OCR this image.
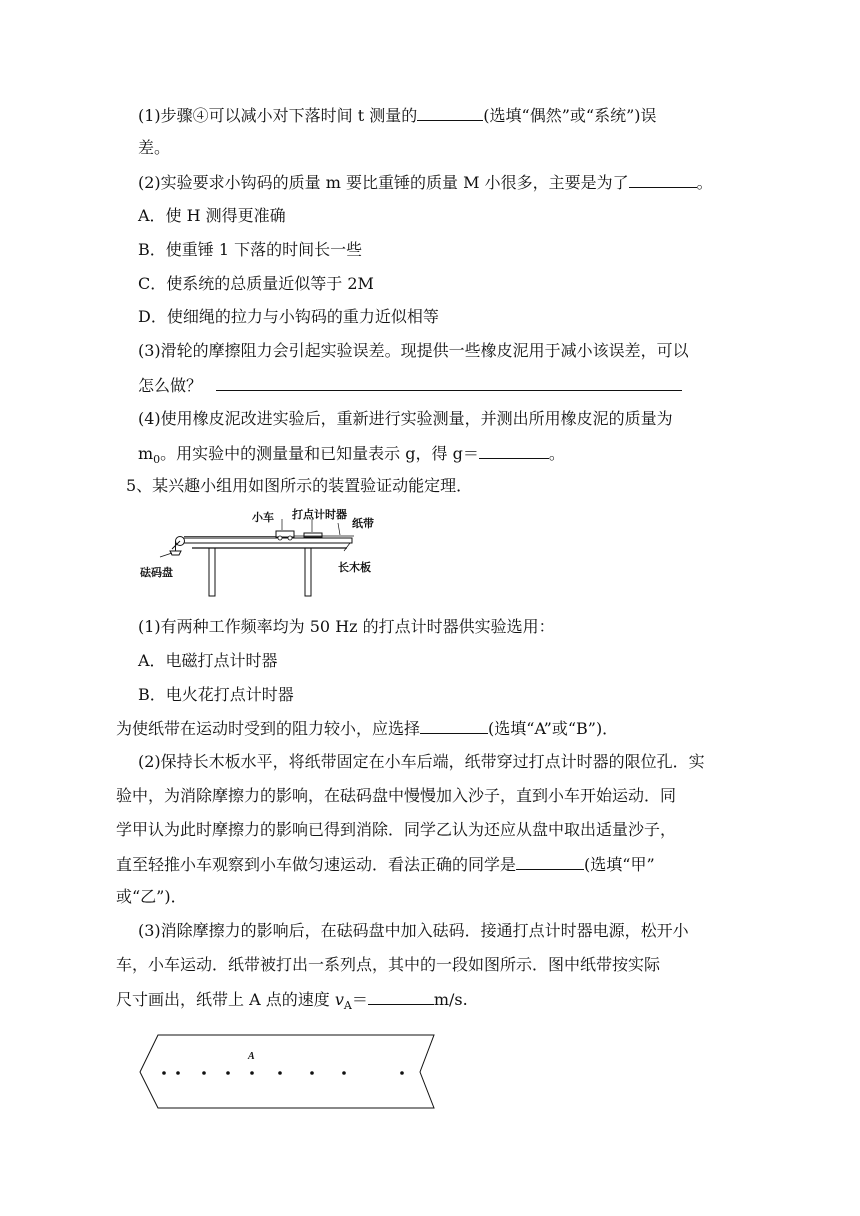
(1)步骤④可以减小对下落时间 t 测量的	(选填“偶然”或“系统”)误
差。
(2)实验要求小钩码的质量 m 要比重锤的质量 M 小很多，主要是为了	。
A．使 H 测得更准确
B．使重锤 1 下落的时间长一些
C．使系统的总质量近似等于 2M
D．使细绳的拉力与小钩码的重力近似相等
(3)滑轮的摩擦阻力会引起实验误差。现提供一些橡皮泥用于减小该误差，可以
怎么做？
(4)使用橡皮泥改进实验后，重新进行实验测量，并测出所用橡皮泥的质量为
$m_0$。用实验中的测量量和已知量表示 g，得 g＝	。
5、某兴趣小组用如图所示的装置验证动能定理．
小车 打点计时器
纸带
砝码盘	长木板
(1)有两种工作频率均为 50 Hz 的打点计时器供实验选用：
A．电磁打点计时器
B．电火花打点计时器
为使纸带在运动时受到的阻力较小，应选择	(选填“A”或“B”)．
(2)保持长木板水平，将纸带固定在小车后端，纸带穿过打点计时器的限位孔．实
验中，为消除摩擦力的影响，在砝码盘中慢慢加入沙子，直到小车开始运动．同
学甲认为此时摩擦力的影响已得到消除．同学乙认为还应从盘中取出适量沙子，
直至轻推小车观察到小车做匀速运动．看法正确的同学是	(选填“甲”
或“乙”)．
(3)消除摩擦力的影响后，在砝码盘中加入砝码．接通打点计时器电源，松开小
车，小车运动．纸带被打出一系列点，其中的一段如图所示．图中纸带按实际
尺寸画出，纸带上 A 点的速度 $v_A=$	m/s.
A
